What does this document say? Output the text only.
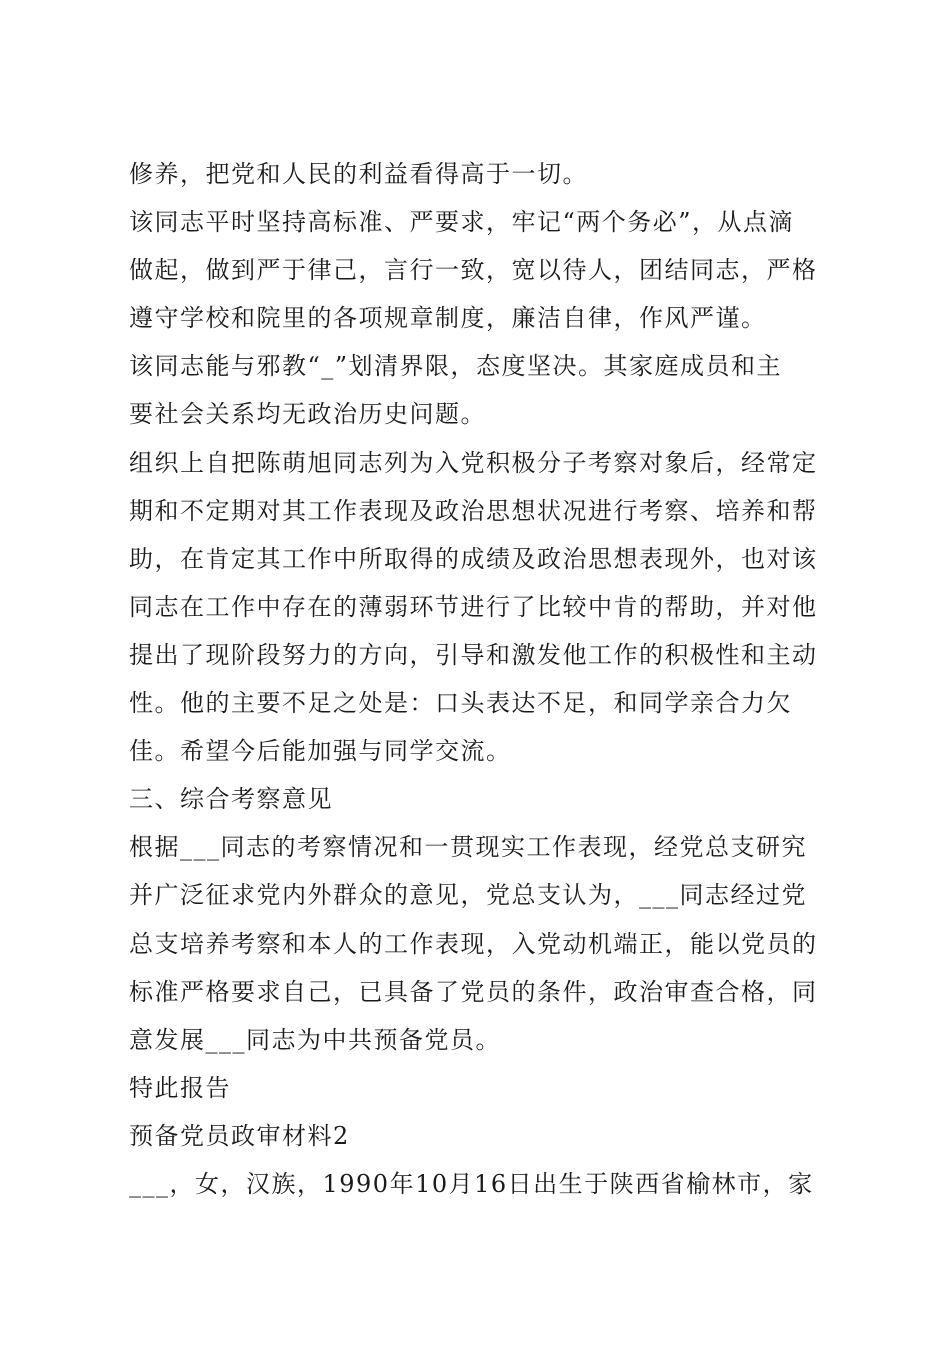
修养，把党和人民的利益看得高于一切。
该同志平时坚持高标准、严要求，牢记“两个务必”，从点滴
做起，做到严于律己，言行一致，宽以待人，团结同志，严格
遵守学校和院里的各项规章制度，廉洁自律，作风严谨。
该同志能与邪教“_”划清界限，态度坚决。其家庭成员和主
要社会关系均无政治历史问题。
组织上自把陈萌旭同志列为入党积极分子考察对象后，经常定
期和不定期对其工作表现及政治思想状况进行考察、培养和帮
助，在肯定其工作中所取得的成绩及政治思想表现外，也对该
同志在工作中存在的薄弱环节进行了比较中肯的帮助，并对他
提出了现阶段努力的方向，引导和激发他工作的积极性和主动
性。他的主要不足之处是：口头表达不足，和同学亲合力欠
佳。希望今后能加强与同学交流。
三、综合考察意见
根据___同志的考察情况和一贯现实工作表现，经党总支研究
并广泛征求党内外群众的意见，党总支认为，___同志经过党
总支培养考察和本人的工作表现，入党动机端正，能以党员的
标准严格要求自己，已具备了党员的条件，政治审查合格，同
意发展___同志为中共预备党员。
特此报告
预备党员政审材料2
___，女，汉族，1990年10月16日出生于陕西省榆林市，家
